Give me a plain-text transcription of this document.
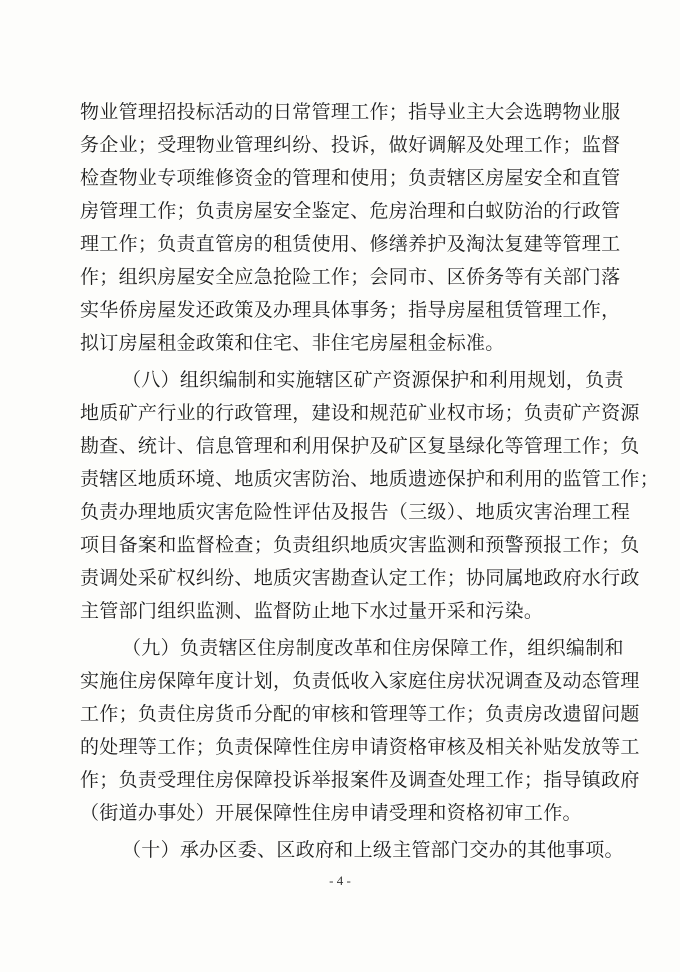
物业管理招投标活动的日常管理工作；指导业主大会选聘物业服
务企业；受理物业管理纠纷、投诉，做好调解及处理工作；监督
检查物业专项维修资金的管理和使用；负责辖区房屋安全和直管
房管理工作；负责房屋安全鉴定、危房治理和白蚁防治的行政管
理工作；负责直管房的租赁使用、修缮养护及淘汰复建等管理工
作；组织房屋安全应急抢险工作；会同市、区侨务等有关部门落
实华侨房屋发还政策及办理具体事务；指导房屋租赁管理工作，
拟订房屋租金政策和住宅、非住宅房屋租金标准。
（八）组织编制和实施辖区矿产资源保护和利用规划，负责
地质矿产行业的行政管理，建设和规范矿业权市场；负责矿产资源
勘查、统计、信息管理和利用保护及矿区复垦绿化等管理工作；负
责辖区地质环境、地质灾害防治、地质遗迹保护和利用的监管工作；
负责办理地质灾害危险性评估及报告（三级）、地质灾害治理工程
项目备案和监督检查；负责组织地质灾害监测和预警预报工作；负
责调处采矿权纠纷、地质灾害勘查认定工作；协同属地政府水行政
主管部门组织监测、监督防止地下水过量开采和污染。
（九）负责辖区住房制度改革和住房保障工作，组织编制和
实施住房保障年度计划，负责低收入家庭住房状况调查及动态管理
工作；负责住房货币分配的审核和管理等工作；负责房改遗留问题
的处理等工作；负责保障性住房申请资格审核及相关补贴发放等工
作；负责受理住房保障投诉举报案件及调查处理工作；指导镇政府
（街道办事处）开展保障性住房申请受理和资格初审工作。
（十）承办区委、区政府和上级主管部门交办的其他事项。
- 4 -
